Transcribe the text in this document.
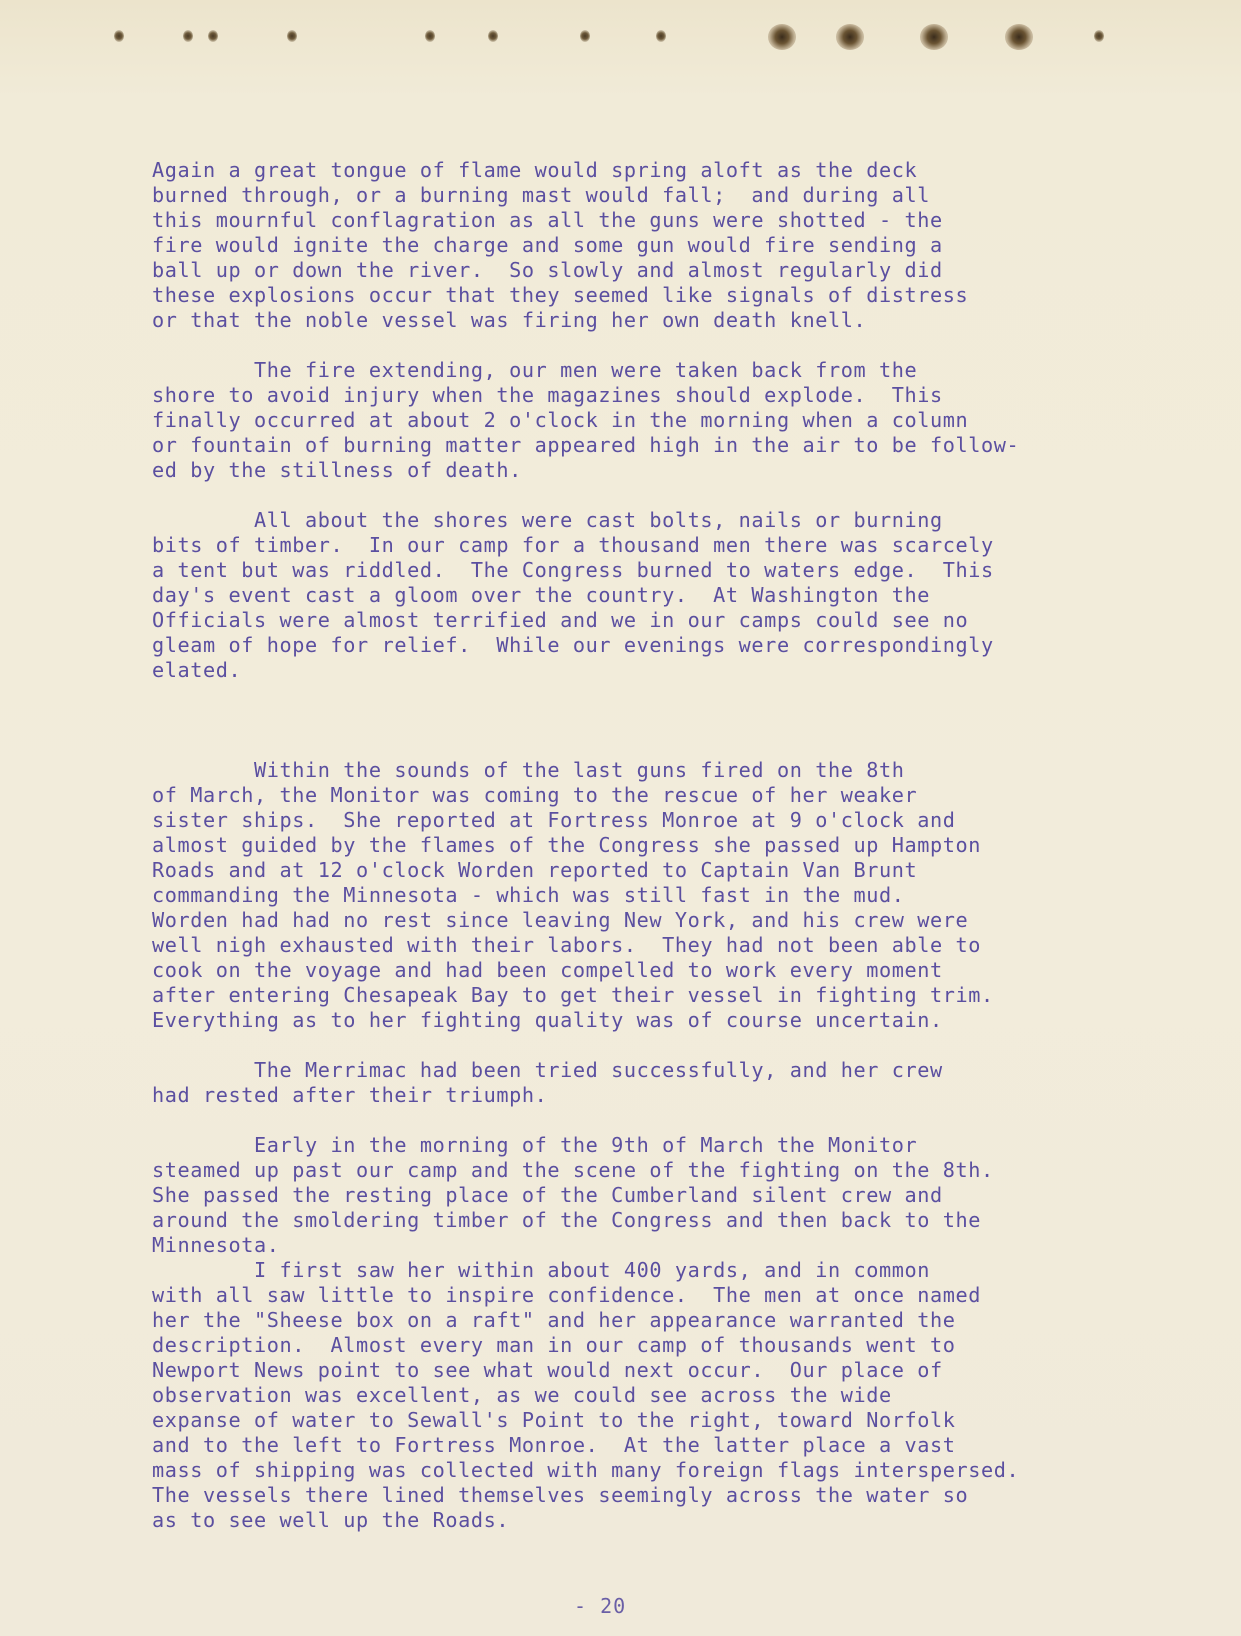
Again a great tongue of flame would spring aloft as the deck
burned through, or a burning mast would fall;  and during all
this mournful conflagration as all the guns were shotted - the
fire would ignite the charge and some gun would fire sending a
ball up or down the river.  So slowly and almost regularly did
these explosions occur that they seemed like signals of distress
or that the noble vessel was firing her own death knell.

The fire extending, our men were taken back from the
shore to avoid injury when the magazines should explode.  This
finally occurred at about 2 o'clock in the morning when a column
or fountain of burning matter appeared high in the air to be follow-
ed by the stillness of death.

All about the shores were cast bolts, nails or burning
bits of timber.  In our camp for a thousand men there was scarcely
a tent but was riddled.  The Congress burned to waters edge.  This
day's event cast a gloom over the country.  At Washington the
Officials were almost terrified and we in our camps could see no
gleam of hope for relief.  While our evenings were correspondingly
elated.

Within the sounds of the last guns fired on the 8th
of March, the Monitor was coming to the rescue of her weaker
sister ships.  She reported at Fortress Monroe at 9 o'clock and
almost guided by the flames of the Congress she passed up Hampton
Roads and at 12 o'clock Worden reported to Captain Van Brunt
commanding the Minnesota - which was still fast in the mud.
Worden had had no rest since leaving New York, and his crew were
well nigh exhausted with their labors.  They had not been able to
cook on the voyage and had been compelled to work every moment
after entering Chesapeak Bay to get their vessel in fighting trim.
Everything as to her fighting quality was of course uncertain.

The Merrimac had been tried successfully, and her crew
had rested after their triumph.

Early in the morning of the 9th of March the Monitor
steamed up past our camp and the scene of the fighting on the 8th.
She passed the resting place of the Cumberland silent crew and
around the smoldering timber of the Congress and then back to the
Minnesota.

I first saw her within about 400 yards, and in common
with all saw little to inspire confidence.  The men at once named
her the "Sheese box on a raft" and her appearance warranted the
description.  Almost every man in our camp of thousands went to
Newport News point to see what would next occur.  Our place of
observation was excellent, as we could see across the wide
expanse of water to Sewall's Point to the right, toward Norfolk
and to the left to Fortress Monroe.  At the latter place a vast
mass of shipping was collected with many foreign flags interspersed.
The vessels there lined themselves seemingly across the water so
as to see well up the Roads.

- 20
